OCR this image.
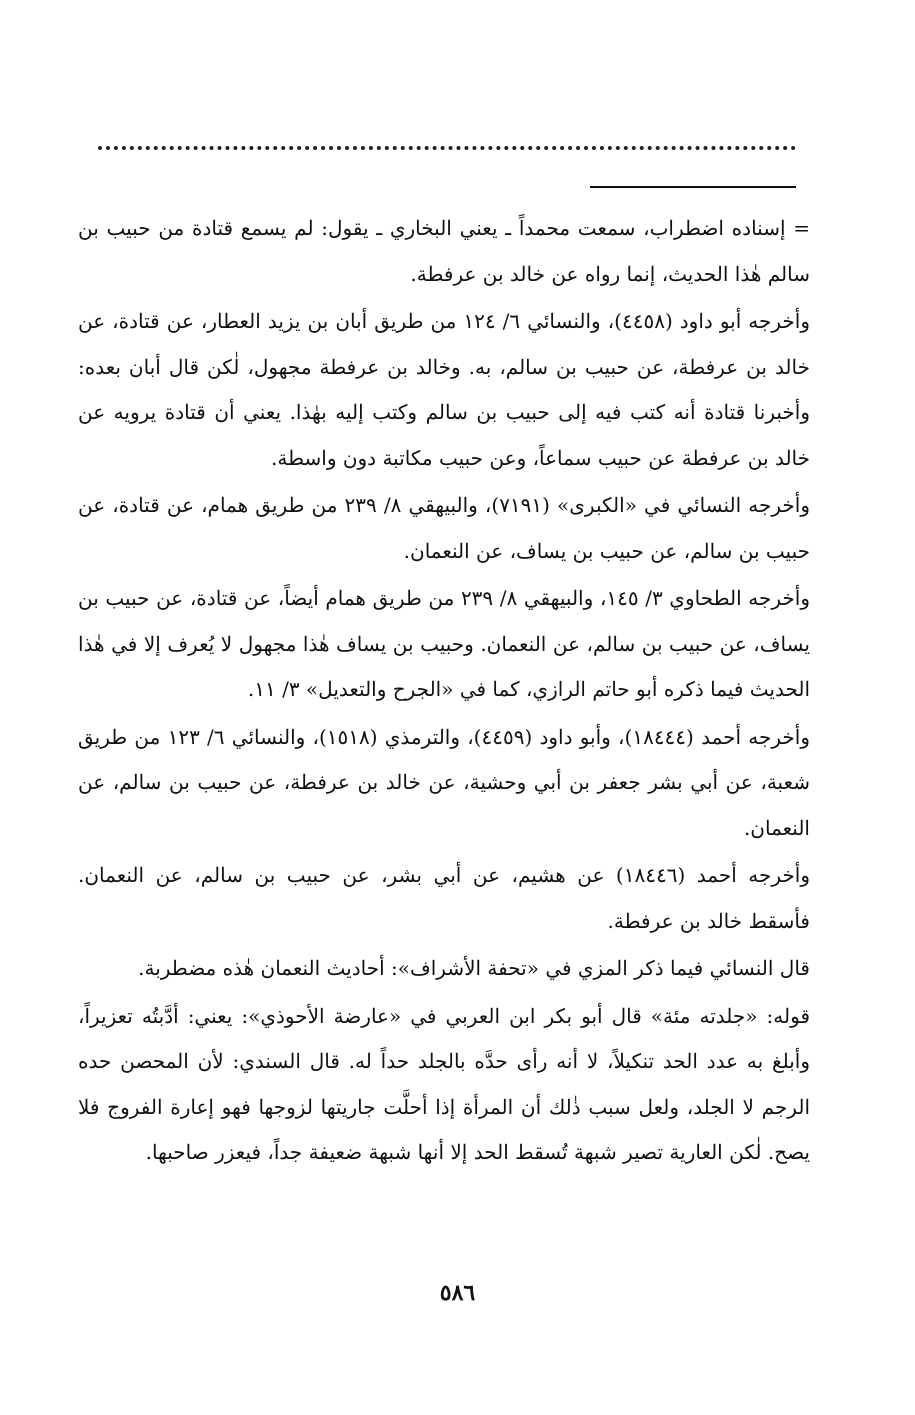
= إسناده اضطراب، سمعت محمداً ـ يعني البخاري ـ يقول: لم يسمع قتادة من حبيب بن سالم هٰذا الحديث، إنما رواه عن خالد بن عرفطة.

وأخرجه أبو داود (٤٤٥٨)، والنسائي ٦/ ١٢٤ من طريق أبان بن يزيد العطار، عن قتادة، عن خالد بن عرفطة، عن حبيب بن سالم، به. وخالد بن عرفطة مجهول، لٰكن قال أبان بعده: وأخبرنا قتادة أنه كتب فيه إلى حبيب بن سالم وكتب إليه بهٰذا. يعني أن قتادة يرويه عن خالد بن عرفطة عن حبيب سماعاً، وعن حبيب مكاتبة دون واسطة.

وأخرجه النسائي في «الكبرى» (٧١٩١)، والبيهقي ٨/ ٢٣٩ من طريق همام، عن قتادة، عن حبيب بن سالم، عن حبيب بن يساف، عن النعمان.

وأخرجه الطحاوي ٣/ ١٤٥، والبيهقي ٨/ ٢٣٩ من طريق همام أيضاً، عن قتادة، عن حبيب بن يساف، عن حبيب بن سالم، عن النعمان. وحبيب بن يساف هٰذا مجهول لا يُعرف إلا في هٰذا الحديث فيما ذكره أبو حاتم الرازي، كما في «الجرح والتعديل» ٣/ ١١.

وأخرجه أحمد (١٨٤٤٤)، وأبو داود (٤٤٥٩)، والترمذي (١٥١٨)، والنسائي ٦/ ١٢٣ من طريق شعبة، عن أبي بشر جعفر بن أبي وحشية، عن خالد بن عرفطة، عن حبيب بن سالم، عن النعمان.

وأخرجه أحمد (١٨٤٤٦) عن هشيم، عن أبي بشر، عن حبيب بن سالم، عن النعمان. فأسقط خالد بن عرفطة.

قال النسائي فيما ذكر المزي في «تحفة الأشراف»: أحاديث النعمان هٰذه مضطربة.

قوله: «جلدته مئة» قال أبو بكر ابن العربي في «عارضة الأحوذي»: يعني: أدَّبتُه تعزيراً، وأبلغ به عدد الحد تنكيلاً، لا أنه رأى حدَّه بالجلد حداً له. قال السندي: لأن المحصن حده الرجم لا الجلد، ولعل سبب ذٰلك أن المرأة إذا أحلَّت جاريتها لزوجها فهو إعارة الفروج فلا يصح. لٰكن العارية تصير شبهة تُسقط الحد إلا أنها شبهة ضعيفة جداً، فيعزر صاحبها.

٥٨٦
